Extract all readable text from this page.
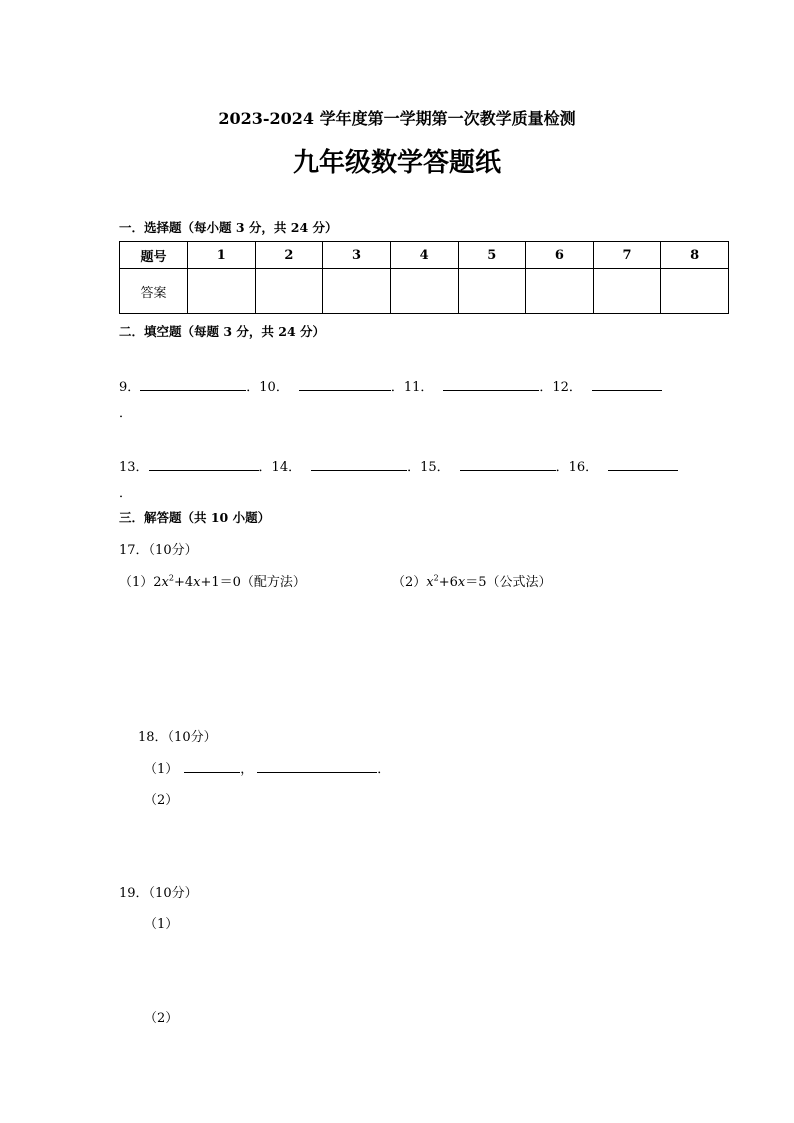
2023-2024 学年度第一学期第一次教学质量检测
九年级数学答题纸
一．选择题（每小题 3 分，共 24 分）
题号	1	2	3	4	5	6	7	8
答案								
二．填空题（每题 3 分，共 24 分）
9．	．10．	．11．	．12．
．
13．	．14．	．15．	．16．
．
三．解答题（共 10 小题）
17．（10分）
$(1)2x^2+4x+1=0$（配方法）	$(2)x^2+6x=5$（公式法）
18．（10分）
（1）	，	．
（2）
19．（10分）
（1）
（2）
